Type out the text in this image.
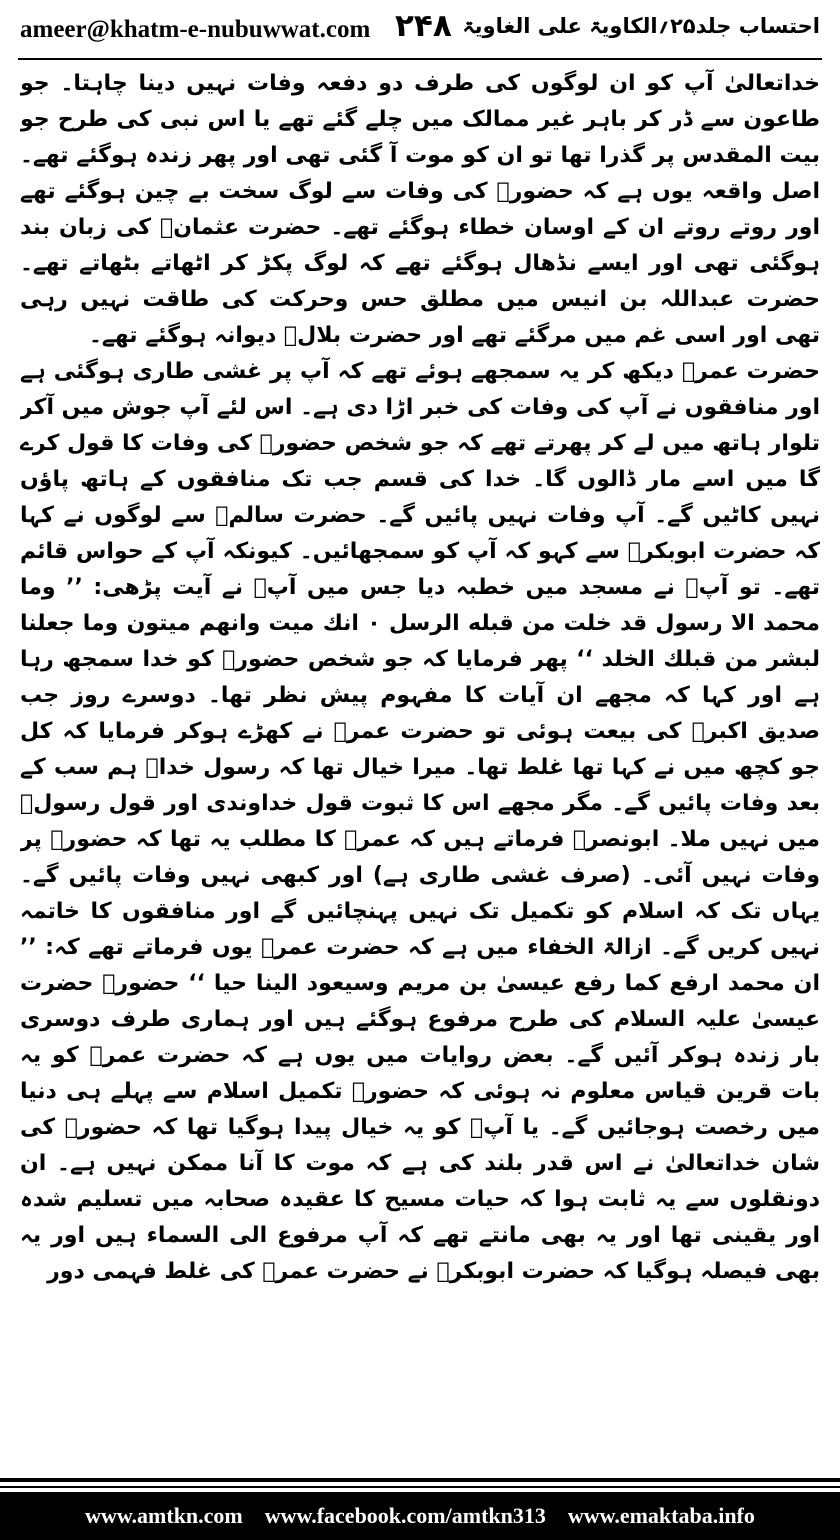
ameer@khatm-e-nubuwwat.com ۲۴۸ احتساب جلد۲۵؍الکاویۃ علی الغاویۃ

خداتعالیٰ آپ کو ان لوگوں کی طرف دو دفعہ وفات نہیں دینا چاہتا۔ جو طاعون سے ڈر کر باہر غیر ممالک میں چلے گئے تھے یا اس نبی کی طرح جو بیت المقدس پر گذرا تھا تو ان کو موت آ گئی تھی اور پھر زندہ ہوگئے تھے۔ اصل واقعہ یوں ہے کہ حضورﷺ کی وفات سے لوگ سخت بے چین ہوگئے تھے اور روتے روتے ان کے اوسان خطاء ہوگئے تھے۔ حضرت عثمانؓ کی زبان بند ہوگئی تھی اور ایسے نڈھال ہوگئے تھے کہ لوگ پکڑ کر اٹھاتے بٹھاتے تھے۔ حضرت عبداللہ بن انیس میں مطلق حس وحرکت کی طاقت نہیں رہی تھی اور اسی غم میں مرگئے تھے اور حضرت بلالؓ دیوانہ ہوگئے تھے۔

حضرت عمرؓ دیکھ کر یہ سمجھے ہوئے تھے کہ آپ پر غشی طاری ہوگئی ہے اور منافقوں نے آپ کی وفات کی خبر اڑا دی ہے۔ اس لئے آپ جوش میں آکر تلوار ہاتھ میں لے کر پھرتے تھے کہ جو شخص حضورﷺ کی وفات کا قول کرے گا میں اسے مار ڈالوں گا۔ خدا کی قسم جب تک منافقوں کے ہاتھ پاؤں نہیں کاٹیں گے۔ آپ وفات نہیں پائیں گے۔ حضرت سالمؓ سے لوگوں نے کہا کہ حضرت ابوبکرؓ سے کہو کہ آپ کو سمجھائیں۔ کیونکہ آپ کے حواس قائم تھے۔ تو آپؓ نے مسجد میں خطبہ دیا جس میں آپؓ نے آیت پڑھی: ’’ وما محمد الا رسول قد خلت من قبله الرسل ۰ انك ميت وانهم ميتون وما جعلنا لبشر من قبلك الخلد ‘‘ پھر فرمایا کہ جو شخص حضورﷺ کو خدا سمجھ رہا ہے اور کہا کہ مجھے ان آیات کا مفہوم پیش نظر تھا۔ دوسرے روز جب صدیق اکبرؓ کی بیعت ہوئی تو حضرت عمرؓ نے کھڑے ہوکر فرمایا کہ کل جو کچھ میں نے کہا تھا غلط تھا۔ میرا خیال تھا کہ رسول خداﷺ ہم سب کے بعد وفات پائیں گے۔ مگر مجھے اس کا ثبوت قول خداوندی اور قول رسولﷺ میں نہیں ملا۔ ابونصرؒ فرماتے ہیں کہ عمرؓ کا مطلب یہ تھا کہ حضورﷺ پر وفات نہیں آئی۔ (صرف غشی طاری ہے) اور کبھی نہیں وفات پائیں گے۔ یہاں تک کہ اسلام کو تکمیل تک نہیں پہنچائیں گے اور منافقوں کا خاتمہ نہیں کریں گے۔ ازالۃ الخفاء میں ہے کہ حضرت عمرؓ یوں فرماتے تھے کہ: ’’ ان محمد ارفع كما رفع عيسىٰ بن مريم وسيعود الينا حيا ‘‘ حضورﷺ حضرت عیسیٰ علیہ السلام کی طرح مرفوع ہوگئے ہیں اور ہماری طرف دوسری بار زندہ ہوکر آئیں گے۔ بعض روایات میں یوں ہے کہ حضرت عمرؓ کو یہ بات قرین قیاس معلوم نہ ہوئی کہ حضورﷺ تکمیل اسلام سے پہلے ہی دنیا میں رخصت ہوجائیں گے۔ یا آپؓ کو یہ خیال پیدا ہوگیا تھا کہ حضورﷺ کی شان خداتعالیٰ نے اس قدر بلند کی ہے کہ موت کا آنا ممکن نہیں ہے۔ ان دونقلوں سے یہ ثابت ہوا کہ حیات مسیح کا عقیدہ صحابہ میں تسلیم شدہ اور یقینی تھا اور یہ بھی مانتے تھے کہ آپ مرفوع الی السماء ہیں اور یہ بھی فیصلہ ہوگیا کہ حضرت ابوبکرؓ نے حضرت عمرؓ کی غلط فہمی دور

www.amtkn.com www.facebook.com/amtkn313 www.emaktaba.info
